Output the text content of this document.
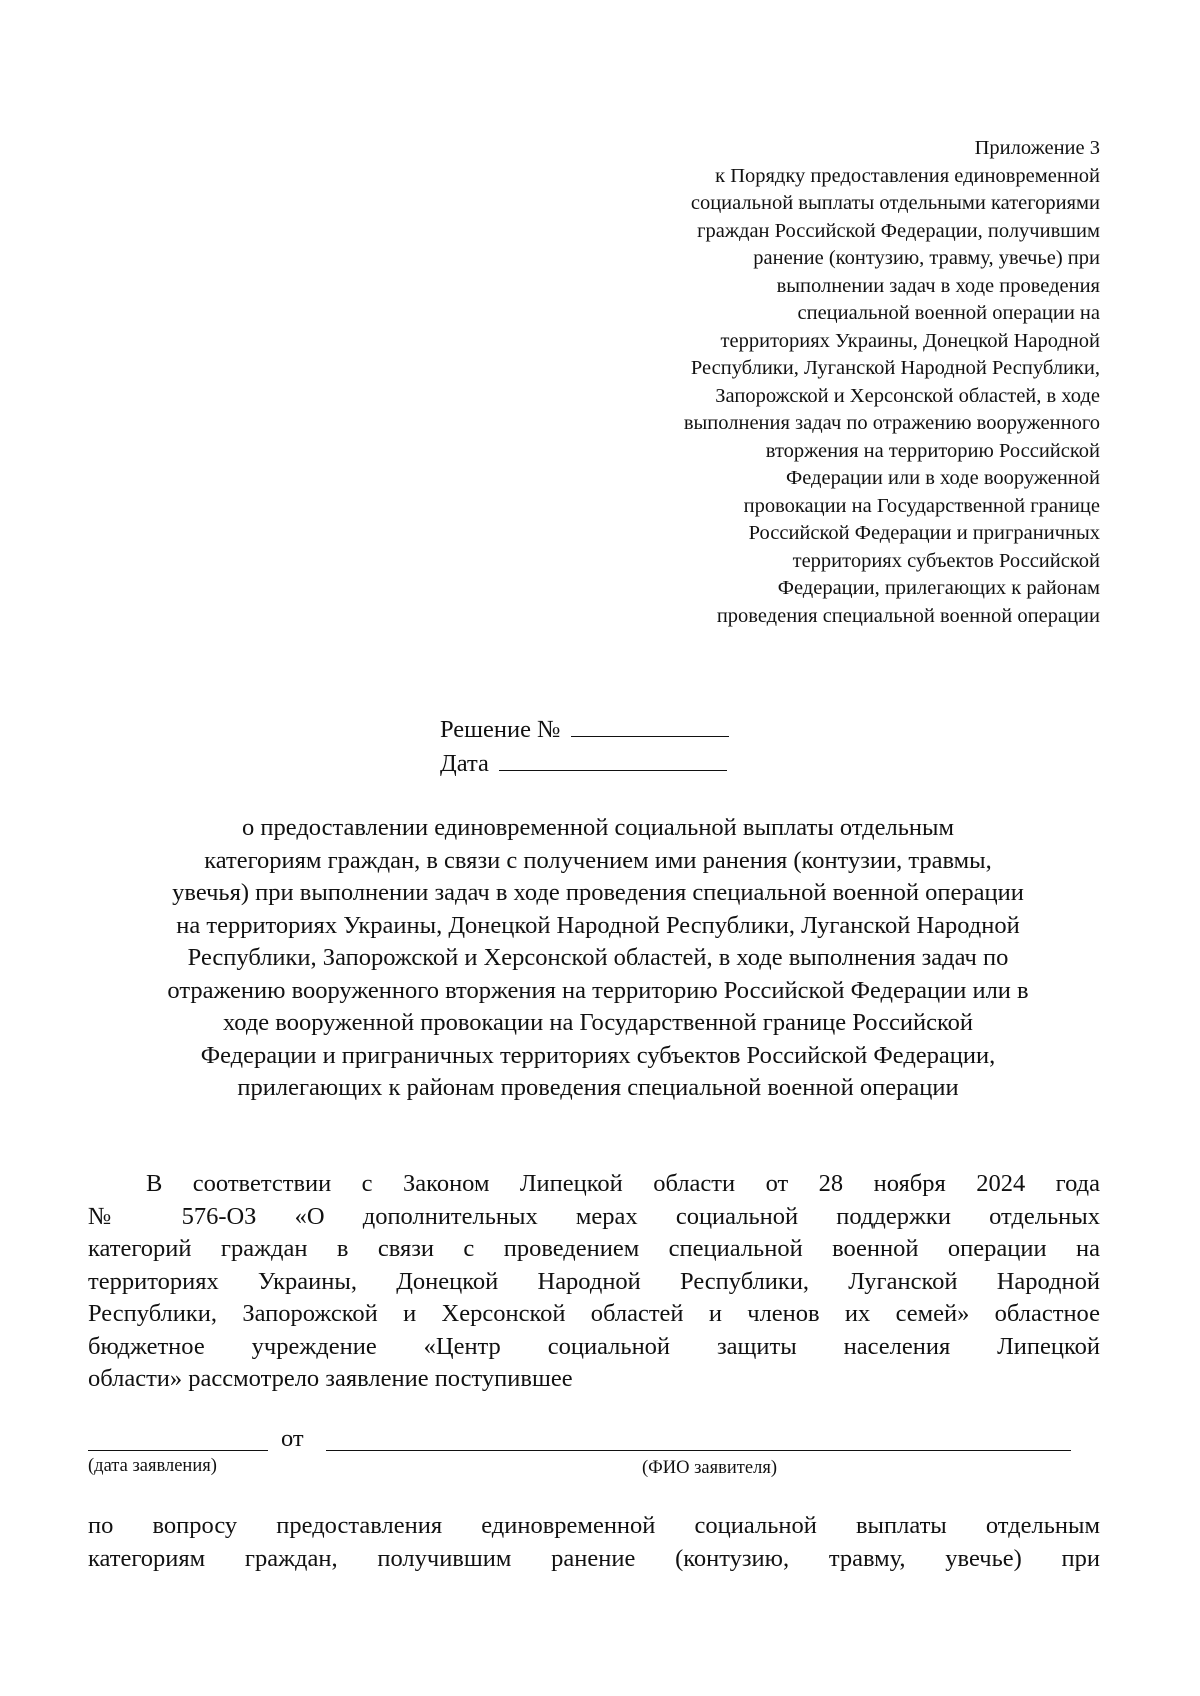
Приложение 3
к Порядку предоставления единовременной
социальной выплаты отдельными категориями
граждан Российской Федерации, получившим
ранение (контузию, травму, увечье) при
выполнении задач в ходе проведения
специальной военной операции на
территориях Украины, Донецкой Народной
Республики, Луганской Народной Республики,
Запорожской и Херсонской областей, в ходе
выполнения задач по отражению вооруженного
вторжения на территорию Российской
Федерации или в ходе вооруженной
провокации на Государственной границе
Российской Федерации и приграничных
территориях субъектов Российской
Федерации, прилегающих к районам
проведения специальной военной операции
Решение №
Дата
о предоставлении единовременной социальной выплаты отдельным
категориям граждан, в связи с получением ими ранения (контузии, травмы,
увечья) при выполнении задач в ходе проведения специальной военной операции
на территориях Украины, Донецкой Народной Республики, Луганской Народной
Республики, Запорожской и Херсонской областей, в ходе выполнения задач по
отражению вооруженного вторжения на территорию Российской Федерации или в
ходе вооруженной провокации на Государственной границе Российской
Федерации и приграничных территориях субъектов Российской Федерации,
прилегающих к районам проведения специальной военной операции
В соответствии с Законом Липецкой области от 28 ноября 2024 года
№ 576-ОЗ «О дополнительных мерах социальной поддержки отдельных
категорий граждан в связи с проведением специальной военной операции на
территориях Украины, Донецкой Народной Республики, Луганской Народной
Республики, Запорожской и Херсонской областей и членов их семей» областное
бюджетное учреждение «Центр социальной защиты населения Липецкой
области» рассмотрело заявление поступившее
от
(дата заявления)	(ФИО заявителя)
по вопросу предоставления единовременной социальной выплаты отдельным
категориям граждан, получившим ранение (контузию, травму, увечье) при
